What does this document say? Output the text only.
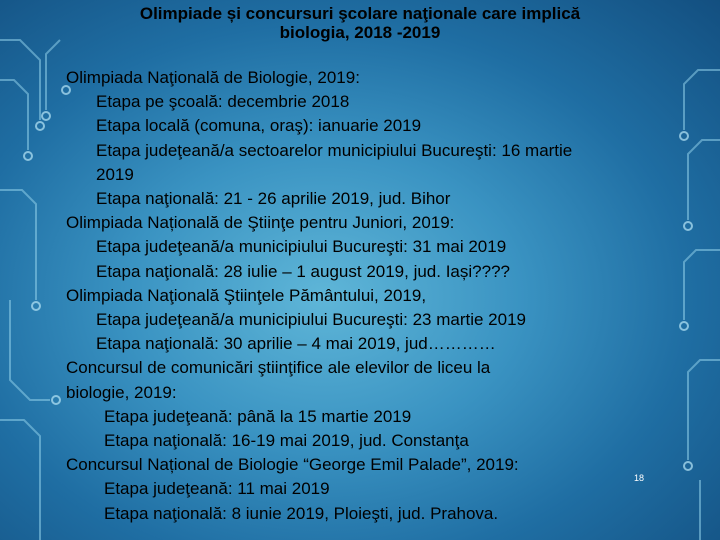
Olimpiade și concursuri şcolare naţionale care implică
biologia, 2018 -2019
Olimpiada Naţională de Biologie, 2019:
Etapa pe şcoală: decembrie 2018
Etapa locală (comuna, oraş): ianuarie 2019
Etapa judeţeană/a sectoarelor municipiului Bucureşti: 16 martie
2019
Etapa naţională: 21 - 26 aprilie 2019, jud. Bihor
Olimpiada Națională de Ştiinţe pentru Juniori, 2019:
Etapa judeţeană/a municipiului Bucureşti: 31 mai 2019
Etapa naţională: 28 iulie – 1 august 2019, jud. Iași????
Olimpiada Naţională Ştiinţele Pământului, 2019,
Etapa judeţeană/a municipiului Bucureşti: 23 martie 2019
Etapa naţională: 30 aprilie – 4 mai 2019, jud…………
Concursul de comunicări ştiinţifice ale elevilor de liceu la
biologie, 2019:
Etapa judeţeană: până la 15 martie 2019
Etapa naţională: 16-19 mai 2019, jud. Constanţa
Concursul Național de Biologie “George Emil Palade”, 2019:
Etapa judeţeană: 11 mai 2019
Etapa naţională: 8 iunie 2019, Ploieşti, jud. Prahova.
18
